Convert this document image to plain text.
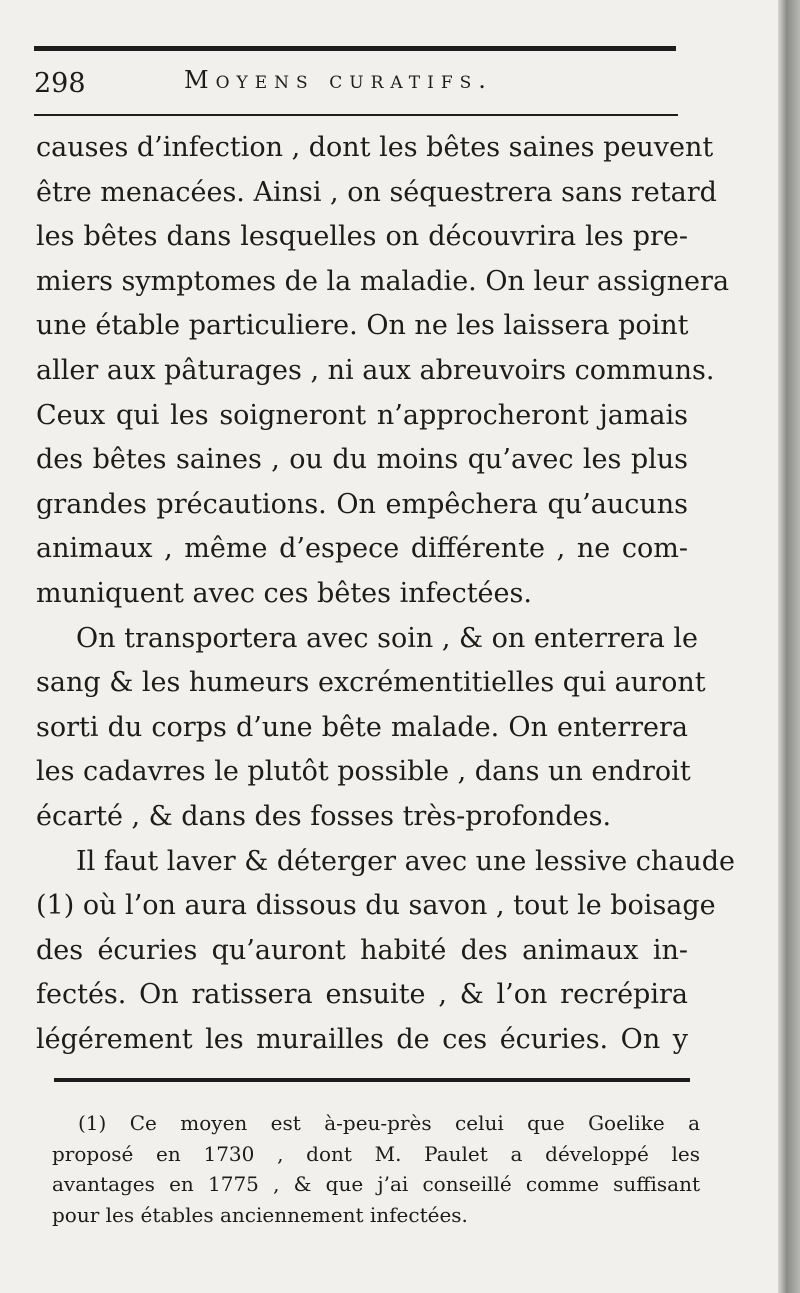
298	Moyens curatifs.
causes d’infection , dont les bêtes saines peuvent
être menacées. Ainsi , on séquestrera sans retard
les bêtes dans lesquelles on découvrira les pre-
miers symptomes de la maladie. On leur assignera
une étable particuliere. On ne les laissera point
aller aux pâturages , ni aux abreuvoirs communs.
Ceux qui les soigneront n’approcheront jamais
des bêtes saines , ou du moins qu’avec les plus
grandes précautions. On empêchera qu’aucuns
animaux , même d’espece différente , ne com-
muniquent avec ces bêtes infectées.
On transportera avec soin , & on enterrera le
sang & les humeurs excrémentitielles qui auront
sorti du corps d’une bête malade. On enterrera
les cadavres le plutôt possible , dans un endroit
écarté , & dans des fosses très-profondes.
Il faut laver & déterger avec une lessive chaude
(1) où l’on aura dissous du savon , tout le boisage
des écuries qu’auront habité des animaux in-
fectés. On ratissera ensuite , & l’on recrépira
légérement les murailles de ces écuries. On y
(1) Ce moyen est à-peu-près celui que Goelike a
proposé en 1730 , dont M. Paulet a développé les
avantages en 1775 , & que j’ai conseillé comme suffisant
pour les étables anciennement infectées.
